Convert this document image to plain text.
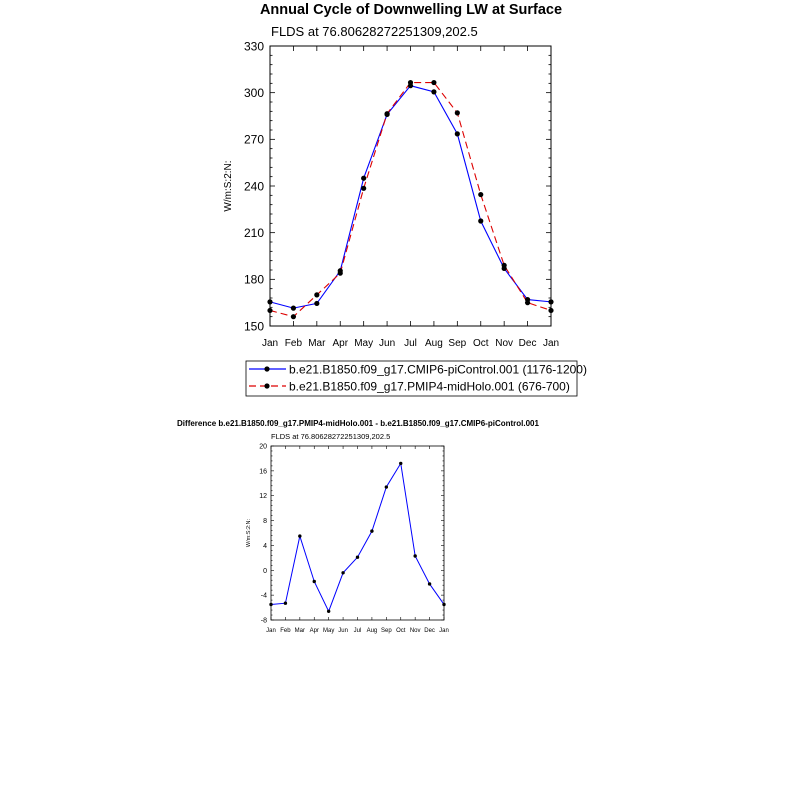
Annual Cycle of Downwelling LW at Surface
FLDS at 76.80628272251309,202.5
W/m:S:2:N:
150
180
210
240
270
300
330
Jan Feb Mar Apr May Jun Jul Aug Sep Oct Nov Dec Jan
b.e21.B1850.f09_g17.CMIP6-piControl.001 (1176-1200)
b.e21.B1850.f09_g17.PMIP4-midHolo.001 (676-700)
Difference b.e21.B1850.f09_g17.PMIP4-midHolo.001 - b.e21.B1850.f09_g17.CMIP6-piControl.001
FLDS at 76.80628272251309,202.5
W/m:S:2:N:
-8
-4
0
4
8
12
16
20
Jan Feb Mar Apr May Jun Jul Aug Sep Oct Nov Dec Jan
